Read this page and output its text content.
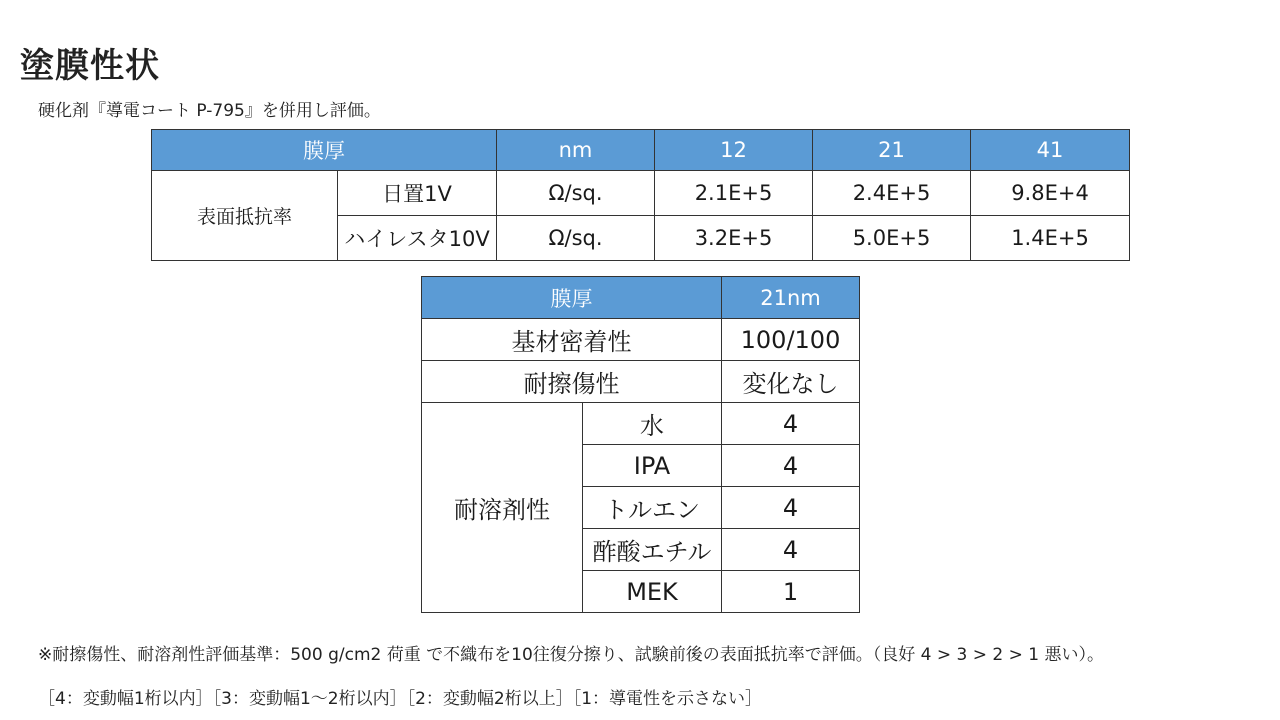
塗膜性状
硬化剤『導電コート P-795』を併用し評価。
膜厚		nm	12	21	41
表面抵抗率	日置1V	Ω/sq.	2.1E+5	2.4E+5	9.8E+4
	ハイレスタ10V	Ω/sq.	3.2E+5	5.0E+5	1.4E+5
膜厚		21nm
基材密着性		100/100
耐擦傷性		変化なし
耐溶剤性	水	4
	IPA	4
	トルエン	4
	酢酸エチル	4
	MEK	1
※耐擦傷性、耐溶剤性評価基準：500 g/cm2 荷重 で不織布を10往復分擦り、試験前後の表面抵抗率で評価。（良好 4 > 3 > 2 > 1 悪い）。
［4：変動幅1桁以内］［3：変動幅1～2桁以内］［2：変動幅2桁以上］［1：導電性を示さない］
